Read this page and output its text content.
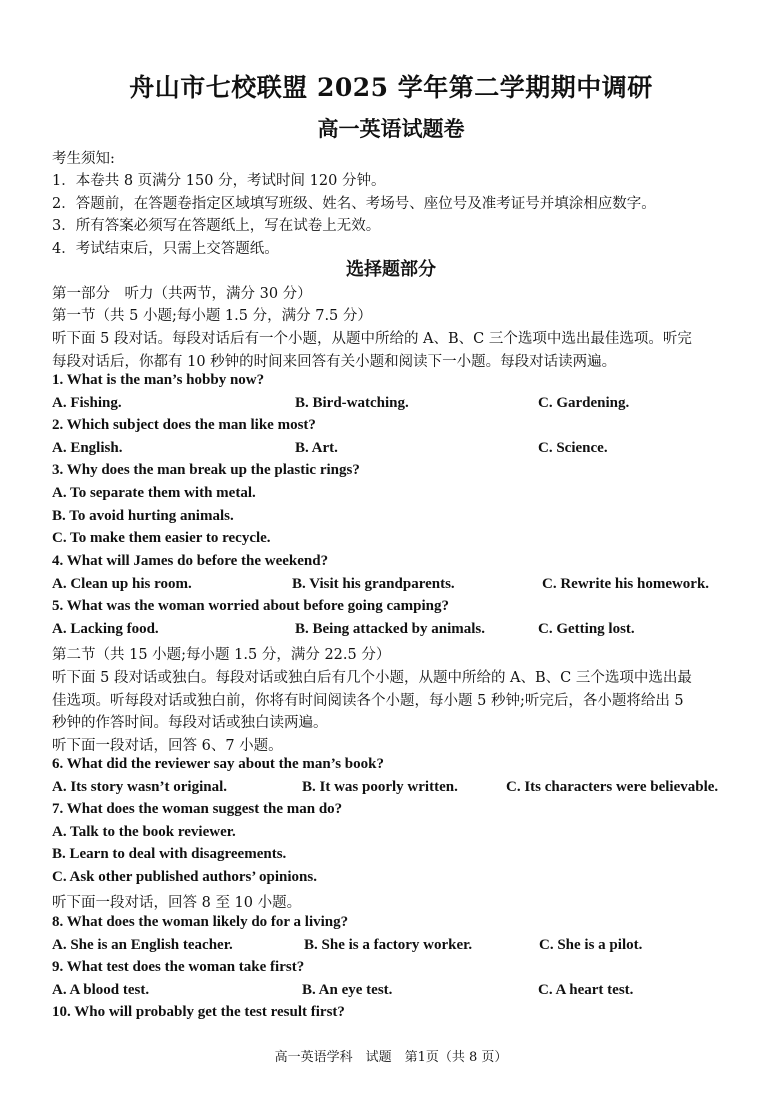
舟山市七校联盟 2025 学年第二学期期中调研
高一英语试题卷
考生须知:
1．本卷共 8 页满分 150 分，考试时间 120 分钟。
2．答题前，在答题卷指定区域填写班级、姓名、考场号、座位号及准考证号并填涂相应数字。
3．所有答案必须写在答题纸上，写在试卷上无效。
4．考试结束后，只需上交答题纸。
选择题部分
第一部分　听力（共两节，满分 30 分）
第一节（共 5 小题;每小题 1.5 分，满分 7.5 分）
听下面 5 段对话。每段对话后有一个小题，从题中所给的 A、B、C 三个选项中选出最佳选项。听完
每段对话后，你都有 10 秒钟的时间来回答有关小题和阅读下一小题。每段对话读两遍。
1. What is the man’s hobby now?
A. Fishing.	B. Bird-watching.	C. Gardening.
2. Which subject does the man like most?
A. English.	B. Art.	C. Science.
3. Why does the man break up the plastic rings?
A. To separate them with metal.
B. To avoid hurting animals.
C. To make them easier to recycle.
4. What will James do before the weekend?
A. Clean up his room.	B. Visit his grandparents.	C. Rewrite his homework.
5. What was the woman worried about before going camping?
A. Lacking food.	B. Being attacked by animals.	C. Getting lost.
第二节（共 15 小题;每小题 1.5 分，满分 22.5 分）
听下面 5 段对话或独白。每段对话或独白后有几个小题，从题中所给的 A、B、C 三个选项中选出最
佳选项。听每段对话或独白前，你将有时间阅读各个小题，每小题 5 秒钟;听完后，各小题将给出 5
秒钟的作答时间。每段对话或独白读两遍。
听下面一段对话，回答 6、7 小题。
6. What did the reviewer say about the man’s book?
A. Its story wasn’t original.	B. It was poorly written.	C. Its characters were believable.
7. What does the woman suggest the man do?
A. Talk to the book reviewer.
B. Learn to deal with disagreements.
C. Ask other published authors’ opinions.
听下面一段对话，回答 8 至 10 小题。
8. What does the woman likely do for a living?
A. She is an English teacher.	B. She is a factory worker.	C. She is a pilot.
9. What test does the woman take first?
A. A blood test.	B. An eye test.	C. A heart test.
10. Who will probably get the test result first?
高一英语学科　试题　第1页（共 8 页）
